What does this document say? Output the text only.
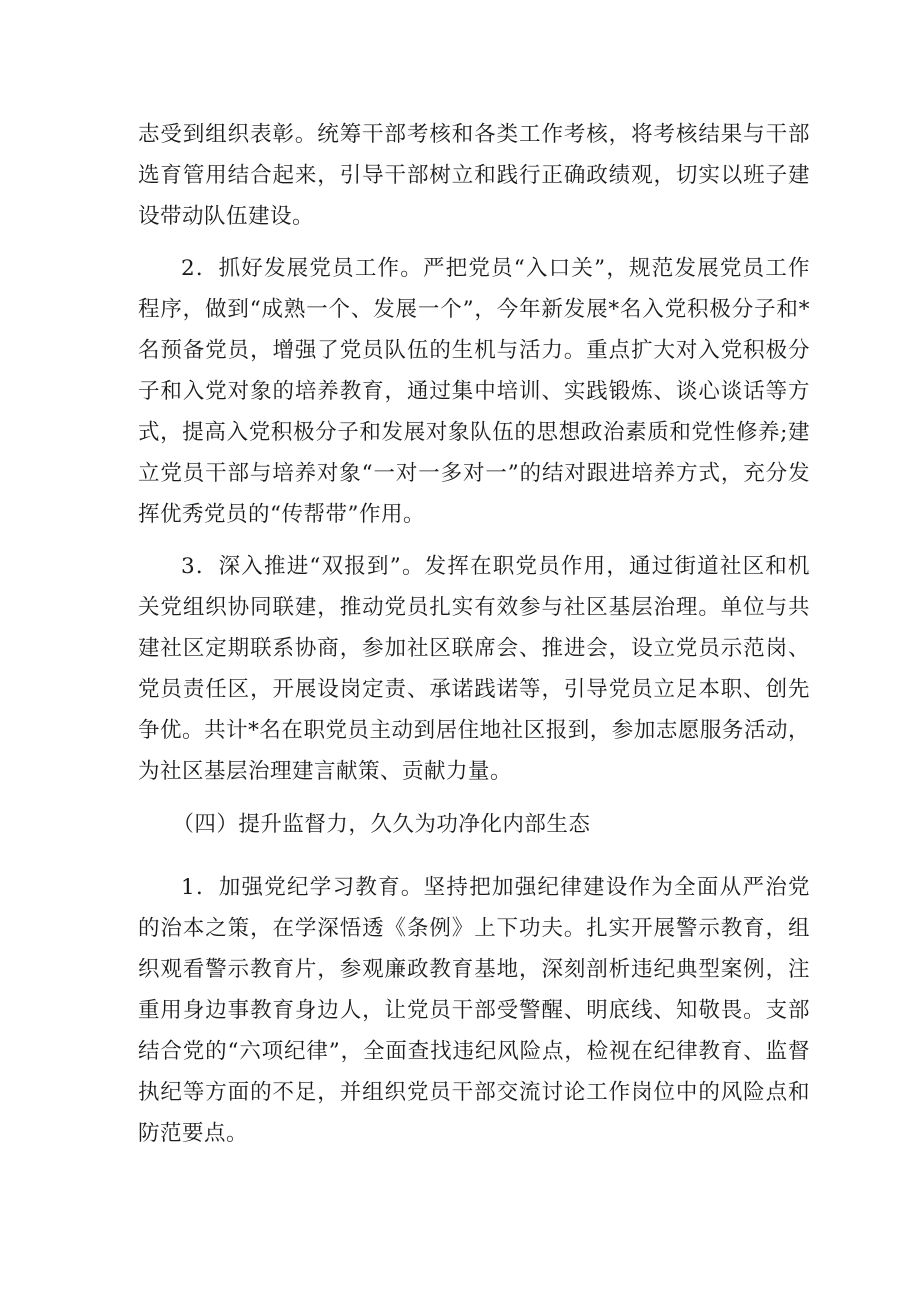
志受到组织表彰。统筹干部考核和各类工作考核，将考核结果与干部选育管用结合起来，引导干部树立和践行正确政绩观，切实以班子建设带动队伍建设。

2．抓好发展党员工作。严把党员“入口关”，规范发展党员工作程序，做到“成熟一个、发展一个”，今年新发展*名入党积极分子和*名预备党员，增强了党员队伍的生机与活力。重点扩大对入党积极分子和入党对象的培养教育，通过集中培训、实践锻炼、谈心谈话等方式，提高入党积极分子和发展对象队伍的思想政治素质和党性修养;建立党员干部与培养对象“一对一多对一”的结对跟进培养方式，充分发挥优秀党员的“传帮带”作用。

3．深入推进“双报到”。发挥在职党员作用，通过街道社区和机关党组织协同联建，推动党员扎实有效参与社区基层治理。单位与共建社区定期联系协商，参加社区联席会、推进会，设立党员示范岗、党员责任区，开展设岗定责、承诺践诺等，引导党员立足本职、创先争优。共计*名在职党员主动到居住地社区报到，参加志愿服务活动，为社区基层治理建言献策、贡献力量。

（四）提升监督力，久久为功净化内部生态

1．加强党纪学习教育。坚持把加强纪律建设作为全面从严治党的治本之策，在学深悟透《条例》上下功夫。扎实开展警示教育，组织观看警示教育片，参观廉政教育基地，深刻剖析违纪典型案例，注重用身边事教育身边人，让党员干部受警醒、明底线、知敬畏。支部结合党的“六项纪律”，全面查找违纪风险点，检视在纪律教育、监督执纪等方面的不足，并组织党员干部交流讨论工作岗位中的风险点和防范要点。
